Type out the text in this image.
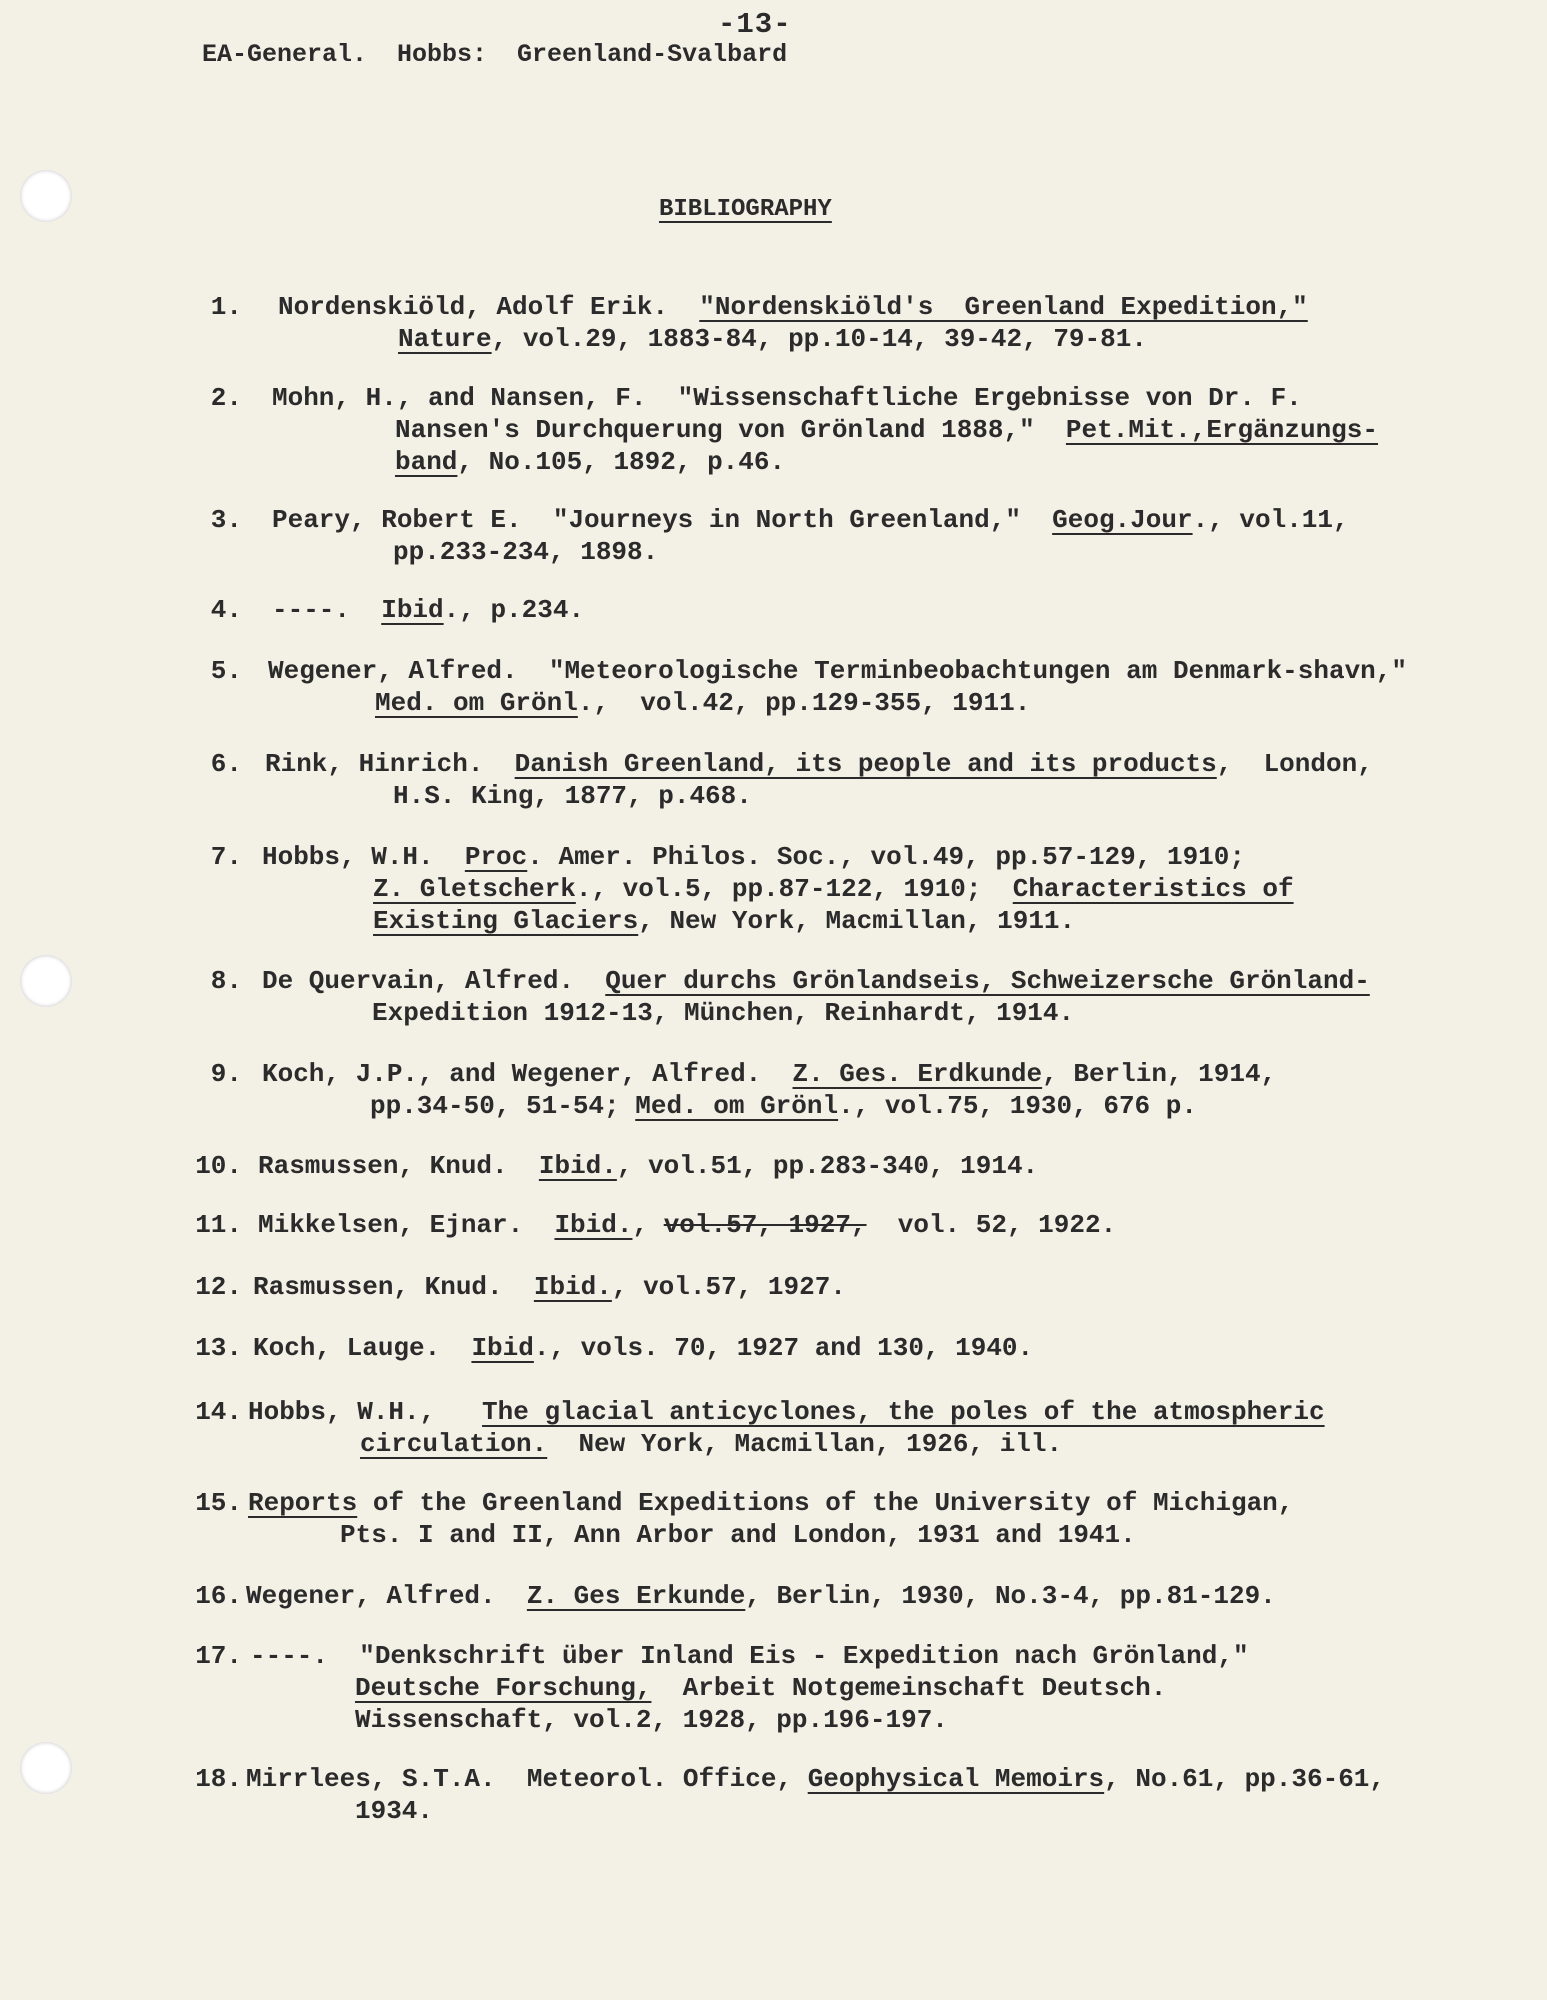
-13-
EA-General.  Hobbs:  Greenland-Svalbard
BIBLIOGRAPHY
1. Nordenskiöld, Adolf Erik.  "Nordenskiöld's  Greenland Expedition,"
Nature, vol.29, 1883-84, pp.10-14, 39-42, 79-81.
2. Mohn, H., and Nansen, F.  "Wissenschaftliche Ergebnisse von Dr. F.
Nansen's Durchquerung von Grönland 1888,"  Pet.Mit.,Ergänzungs-
band, No.105, 1892, p.46.
3. Peary, Robert E.  "Journeys in North Greenland,"  Geog.Jour., vol.11,
pp.233-234, 1898.
4. ----.  Ibid., p.234.
5. Wegener, Alfred.  "Meteorologische Terminbeobachtungen am Denmark-shavn,"
Med. om Grönl.,  vol.42, pp.129-355, 1911.
6. Rink, Hinrich.  Danish Greenland, its people and its products,  London,
H.S. King, 1877, p.468.
7. Hobbs, W.H.  Proc. Amer. Philos. Soc., vol.49, pp.57-129, 1910;
Z. Gletscherk., vol.5, pp.87-122, 1910;  Characteristics of
Existing Glaciers, New York, Macmillan, 1911.
8. De Quervain, Alfred.  Quer durchs Grönlandseis, Schweizersche Grönland-
Expedition 1912-13, München, Reinhardt, 1914.
9. Koch, J.P., and Wegener, Alfred.  Z. Ges. Erdkunde, Berlin, 1914,
pp.34-50, 51-54; Med. om Grönl., vol.75, 1930, 676 p.
10. Rasmussen, Knud.  Ibid., vol.51, pp.283-340, 1914.
11. Mikkelsen, Ejnar.  Ibid., vol.57, 1927,  vol. 52, 1922.
12. Rasmussen, Knud.  Ibid., vol.57, 1927.
13. Koch, Lauge.  Ibid., vols. 70, 1927 and 130, 1940.
14. Hobbs, W.H.,   The glacial anticyclones, the poles of the atmospheric
circulation.  New York, Macmillan, 1926, ill.
15. Reports of the Greenland Expeditions of the University of Michigan,
Pts. I and II, Ann Arbor and London, 1931 and 1941.
16. Wegener, Alfred.  Z. Ges Erkunde, Berlin, 1930, No.3-4, pp.81-129.
17. ----.  "Denkschrift über Inland Eis - Expedition nach Grönland,"
Deutsche Forschung,  Arbeit Notgemeinschaft Deutsch.
Wissenschaft, vol.2, 1928, pp.196-197.
18. Mirrlees, S.T.A.  Meteorol. Office, Geophysical Memoirs, No.61, pp.36-61,
1934.
